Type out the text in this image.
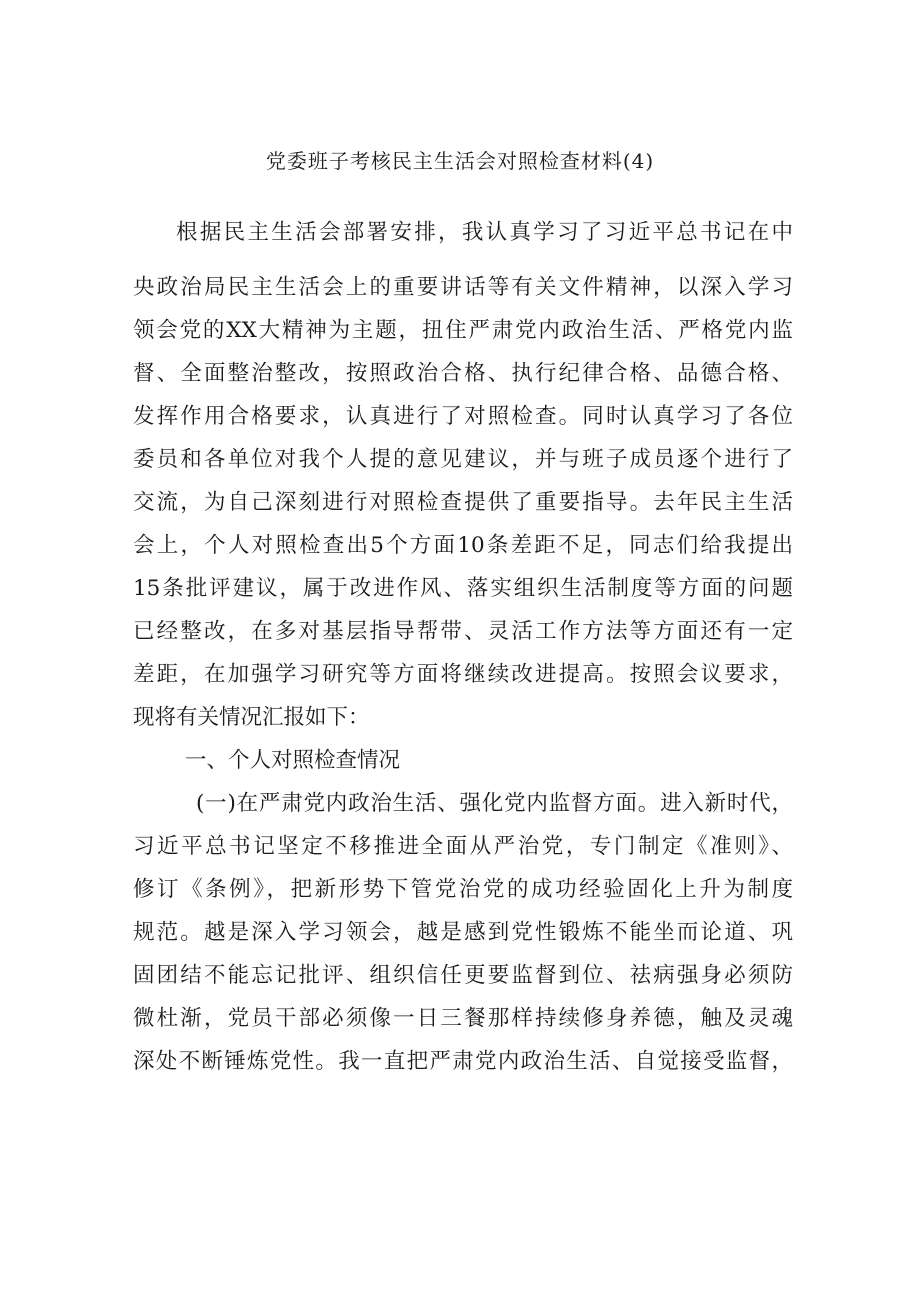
党委班子考核民主生活会对照检查材料(4)
根据民主生活会部署安排，我认真学习了习近平总书记在中
央政治局民主生活会上的重要讲话等有关文件精神，以深入学习
领会党的XX大精神为主题，扭住严肃党内政治生活、严格党内监
督、全面整治整改，按照政治合格、执行纪律合格、品德合格、
发挥作用合格要求，认真进行了对照检查。同时认真学习了各位
委员和各单位对我个人提的意见建议，并与班子成员逐个进行了
交流，为自己深刻进行对照检查提供了重要指导。去年民主生活
会上，个人对照检查出5个方面10条差距不足，同志们给我提出
15条批评建议，属于改进作风、落实组织生活制度等方面的问题
已经整改，在多对基层指导帮带、灵活工作方法等方面还有一定
差距，在加强学习研究等方面将继续改进提高。按照会议要求，
现将有关情况汇报如下：
一、个人对照检查情况
(一)在严肃党内政治生活、强化党内监督方面。进入新时代，
习近平总书记坚定不移推进全面从严治党，专门制定《准则》、
修订《条例》，把新形势下管党治党的成功经验固化上升为制度
规范。越是深入学习领会，越是感到党性锻炼不能坐而论道、巩
固团结不能忘记批评、组织信任更要监督到位、祛病强身必须防
微杜渐，党员干部必须像一日三餐那样持续修身养德，触及灵魂
深处不断锤炼党性。我一直把严肃党内政治生活、自觉接受监督，
